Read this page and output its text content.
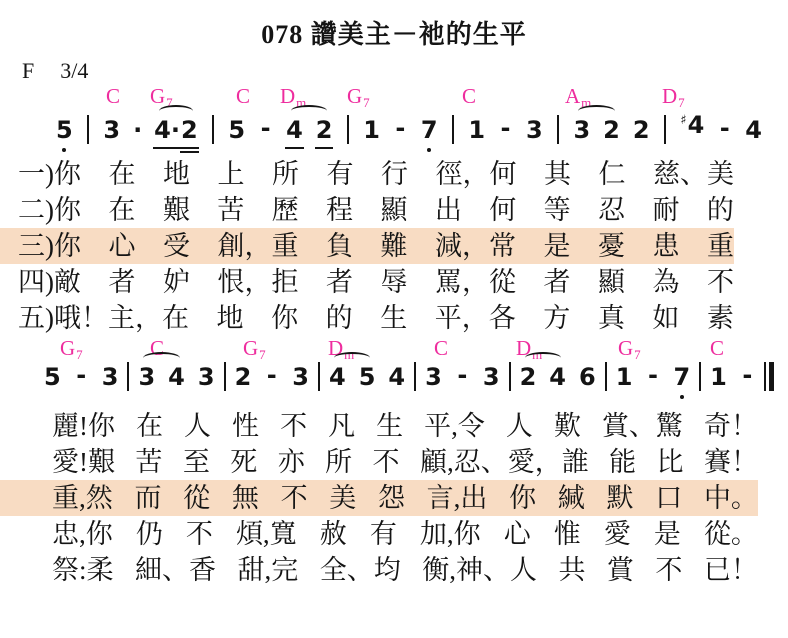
078 讚美主－祂的生平
F 3/4
C G7	C Dm G7	C	Am	D7
5 3 · 4· 2 5 - 4 2 1 - 7 1 - 3 3 2 2 ♯4 - 4
一)你 在 地 上 所 有 行 徑，何 其 仁 慈、美
二)你 在 艱 苦 歷 程 顯 出 何 等 忍 耐 的
三)你 心 受 創，重 負 難 減，常 是 憂 患 重
四)敵 者 妒 恨，拒 者 辱 罵，從 者 顯 為 不
五)哦！主，在 地 你 的 生 平，各 方 真 如 素
G7	C	G7	Dm	C	Dm	G7	C
5 - 3 3 4 3 2 - 3 4 5 4 3 - 3 2 4 6 1 - 7 1 -
麗!你 在 人 性 不 凡 生 平,令 人 歎 賞、驚 奇！
愛!艱 苦 至 死 亦 所 不 顧,忍、愛，誰 能 比 賽！
重,然 而 從 無 不 美 怨 言,出 你 緘 默 口 中。
忠,你 仍 不 煩,寬 赦 有 加,你 心 惟 愛 是 從。
祭:柔 細、香 甜,完 全、均 衡,神、人 共 賞 不 已！
